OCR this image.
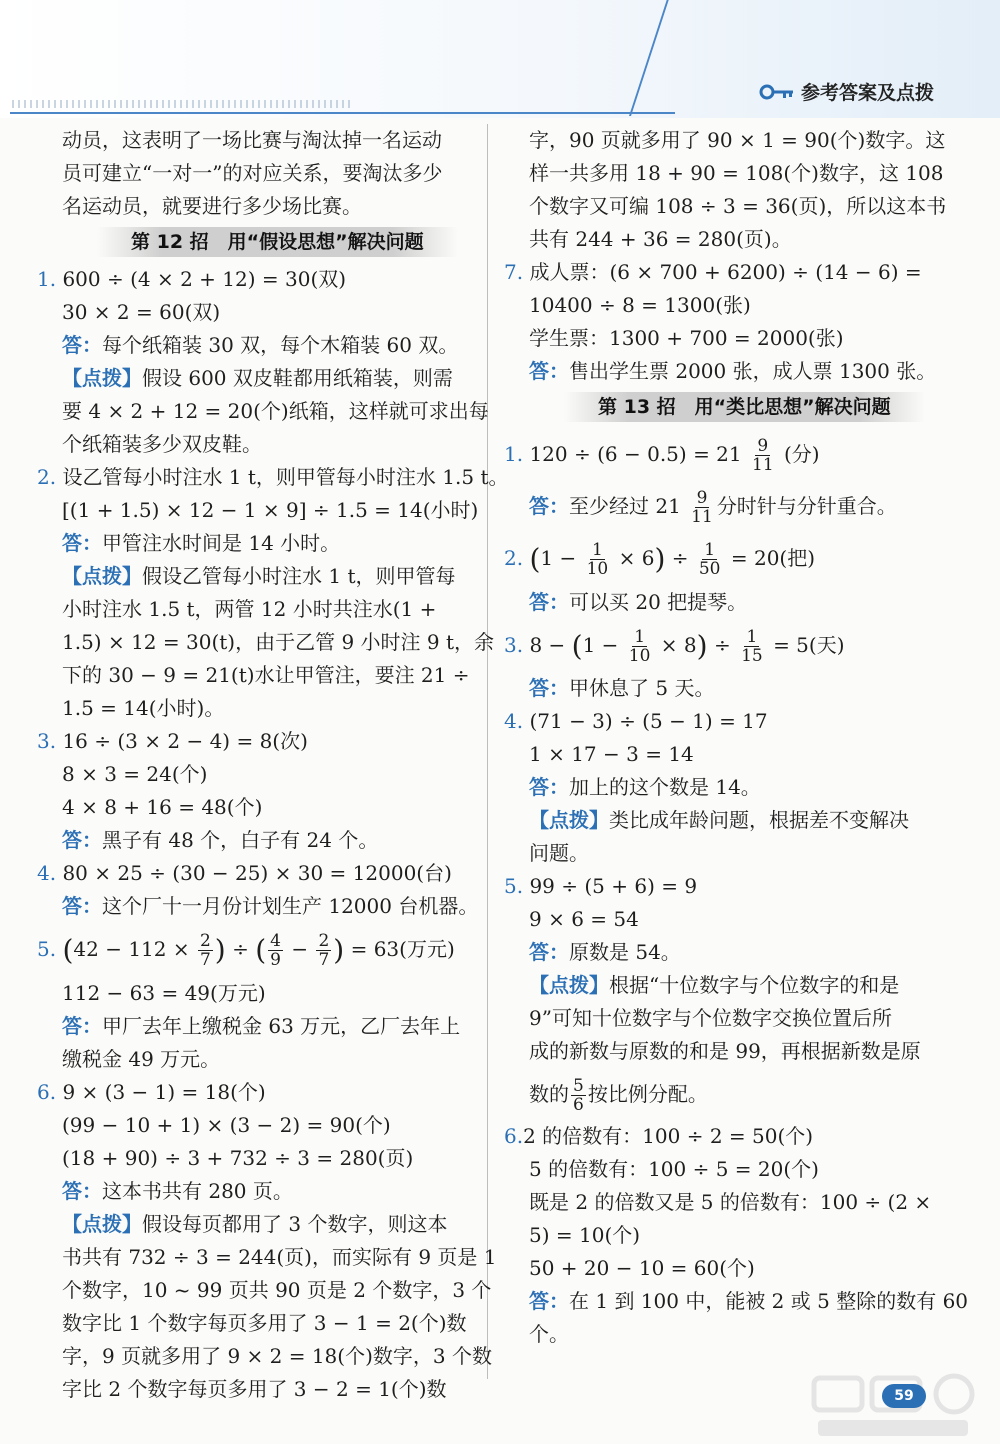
参考答案及点拨
动员，这表明了一场比赛与淘汰掉一名运动
员可建立“一对一”的对应关系，要淘汰多少
名运动员，就要进行多少场比赛。
第 12 招　用“假设思想”解决问题
1. 600 ÷ (4 × 2 + 12) = 30(双)
30 × 2 = 60(双)
答：每个纸箱装 30 双，每个木箱装 60 双。
【点拨】假设 600 双皮鞋都用纸箱装，则需
要 4 × 2 + 12 = 20(个)纸箱，这样就可求出每
个纸箱装多少双皮鞋。
2. 设乙管每小时注水 1 t，则甲管每小时注水 1.5 t。
[(1 + 1.5) × 12 − 1 × 9] ÷ 1.5 = 14(小时)
答：甲管注水时间是 14 小时。
【点拨】假设乙管每小时注水 1 t，则甲管每
小时注水 1.5 t，两管 12 小时共注水(1 +
1.5) × 12 = 30(t)，由于乙管 9 小时注 9 t，余
下的 30 − 9 = 21(t)水让甲管注，要注 21 ÷
1.5 = 14(小时)。
3. 16 ÷ (3 × 2 − 4) = 8(次)
8 × 3 = 24(个)
4 × 8 + 16 = 48(个)
答：黑子有 48 个，白子有 24 个。
4. 80 × 25 ÷ (30 − 25) × 30 = 12000(台)
答：这个厂十一月份计划生产 12000 台机器。
5. ($42 - 112 \times \frac{2}{7}$ ) ÷ ( $\frac{4}{9} - \frac{2}{7}$ ) = 63(万元)
112 − 63 = 49(万元)
答：甲厂去年上缴税金 63 万元，乙厂去年上
缴税金 49 万元。
6. 9 × (3 − 1) = 18(个)
(99 − 10 + 1) × (3 − 2) = 90(个)
(18 + 90) ÷ 3 + 732 ÷ 3 = 280(页)
答：这本书共有 280 页。
【点拨】假设每页都用了 3 个数字，则这本
书共有 732 ÷ 3 = 244(页)，而实际有 9 页是 1
个数字，10 ~ 99 页共 90 页是 2 个数字，3 个
数字比 1 个数字每页多用了 3 − 1 = 2(个)数
字，9 页就多用了 9 × 2 = 18(个)数字，3 个数
字比 2 个数字每页多用了 3 − 2 = 1(个)数
字，90 页就多用了 90 × 1 = 90(个)数字。这
样一共多用 18 + 90 = 108(个)数字，这 108
个数字又可编 108 ÷ 3 = 36(页)，所以这本书
共有 244 + 36 = 280(页)。
7. 成人票：(6 × 700 + 6200) ÷ (14 − 6) =
10400 ÷ 8 = 1300(张)
学生票：1300 + 700 = 2000(张)
答：售出学生票 2000 张，成人票 1300 张。
第 13 招　用“类比思想”解决问题
1. $120 \div (6 - 0.5) = 21 \frac{9}{11}$ (分)
答：至少经过 $21 \frac{9}{11}$ 分时针与分针重合。
2. $(1 - \frac{1}{10} \times 6) \div \frac{1}{50} = 20$(把)
答：可以买 20 把提琴。
3. $8 - (1 - \frac{1}{10} \times 8) \div \frac{1}{15} = 5$(天)
答：甲休息了 5 天。
4. (71 − 3) ÷ (5 − 1) = 17
1 × 17 − 3 = 14
答：加上的这个数是 14。
【点拨】类比成年龄问题，根据差不变解决
问题。
5. 99 ÷ (5 + 6) = 9
9 × 6 = 54
答：原数是 54。
【点拨】根据“十位数字与个位数字的和是
9”可知十位数字与个位数字交换位置后所
成的新数与原数的和是 99，再根据新数是原
数的 $\frac{5}{6}$ 按比例分配。
6.2 的倍数有：100 ÷ 2 = 50(个)
5 的倍数有：100 ÷ 5 = 20(个)
既是 2 的倍数又是 5 的倍数有：100 ÷ (2 ×
5) = 10(个)
50 + 20 − 10 = 60(个)
答：在 1 到 100 中，能被 2 或 5 整除的数有 60
个。
59
